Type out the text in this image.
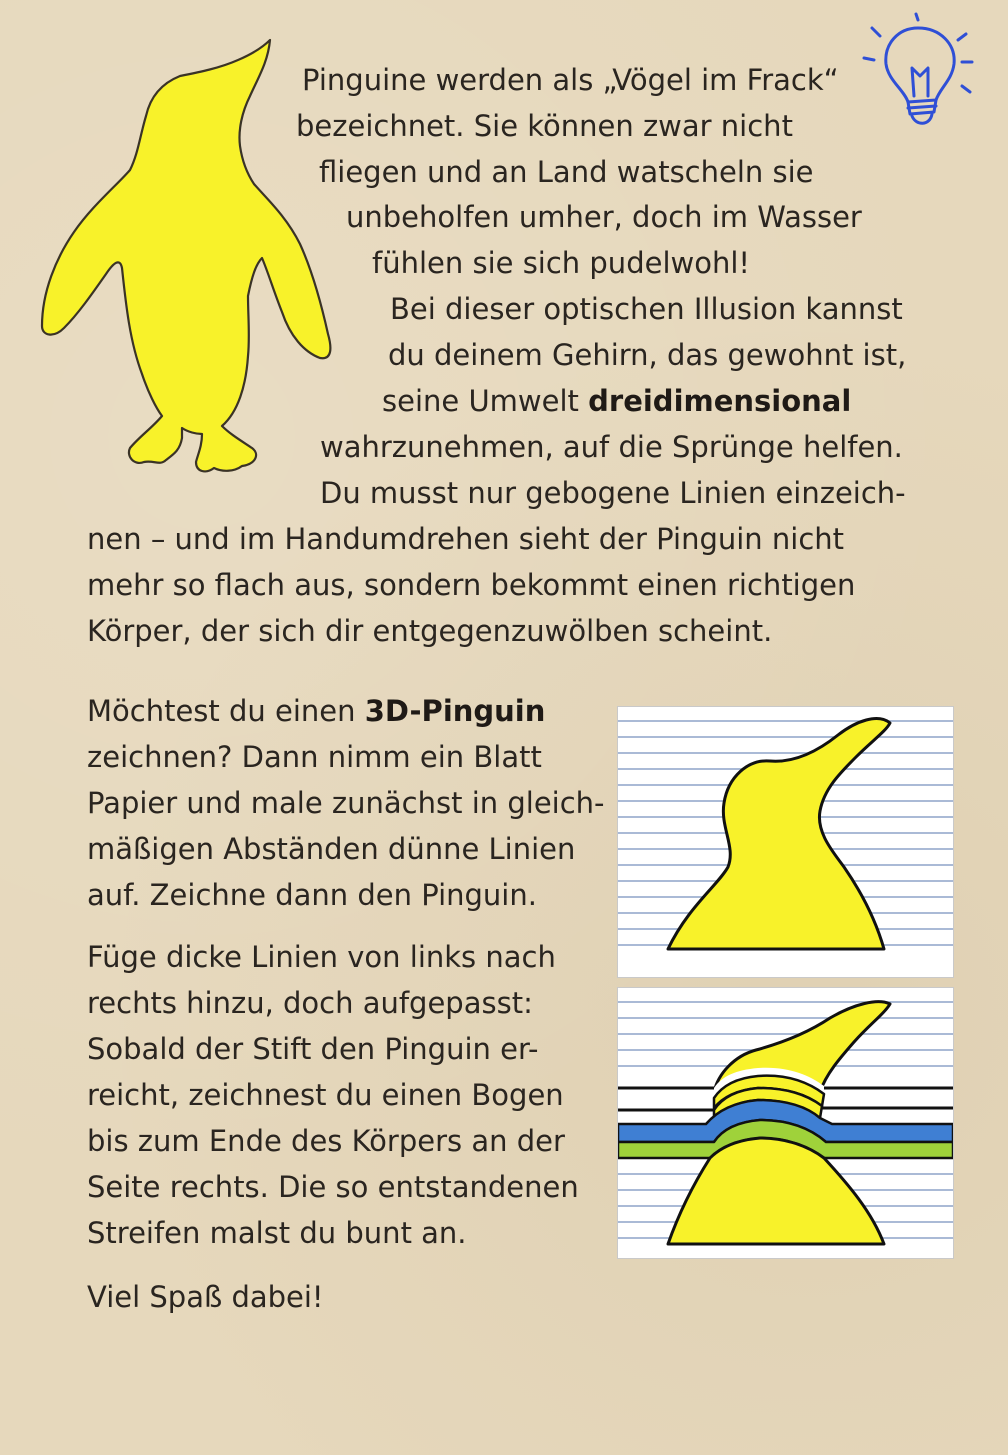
Pinguine werden als „Vögel im Frack“
bezeichnet. Sie können zwar nicht
fliegen und an Land watscheln sie
unbeholfen umher, doch im Wasser
fühlen sie sich pudelwohl!
Bei dieser optischen Illusion kannst
du deinem Gehirn, das gewohnt ist,
seine Umwelt dreidimensional
wahrzunehmen, auf die Sprünge helfen.
Du musst nur gebogene Linien einzeich-
nen – und im Handumdrehen sieht der Pinguin nicht
mehr so flach aus, sondern bekommt einen richtigen
Körper, der sich dir entgegenzuwölben scheint.
Möchtest du einen 3D-Pinguin
zeichnen? Dann nimm ein Blatt
Papier und male zunächst in gleich-
mäßigen Abständen dünne Linien
auf. Zeichne dann den Pinguin.
Füge dicke Linien von links nach
rechts hinzu, doch aufgepasst:
Sobald der Stift den Pinguin er-
reicht, zeichnest du einen Bogen
bis zum Ende des Körpers an der
Seite rechts. Die so entstandenen
Streifen malst du bunt an.
Viel Spaß dabei!
